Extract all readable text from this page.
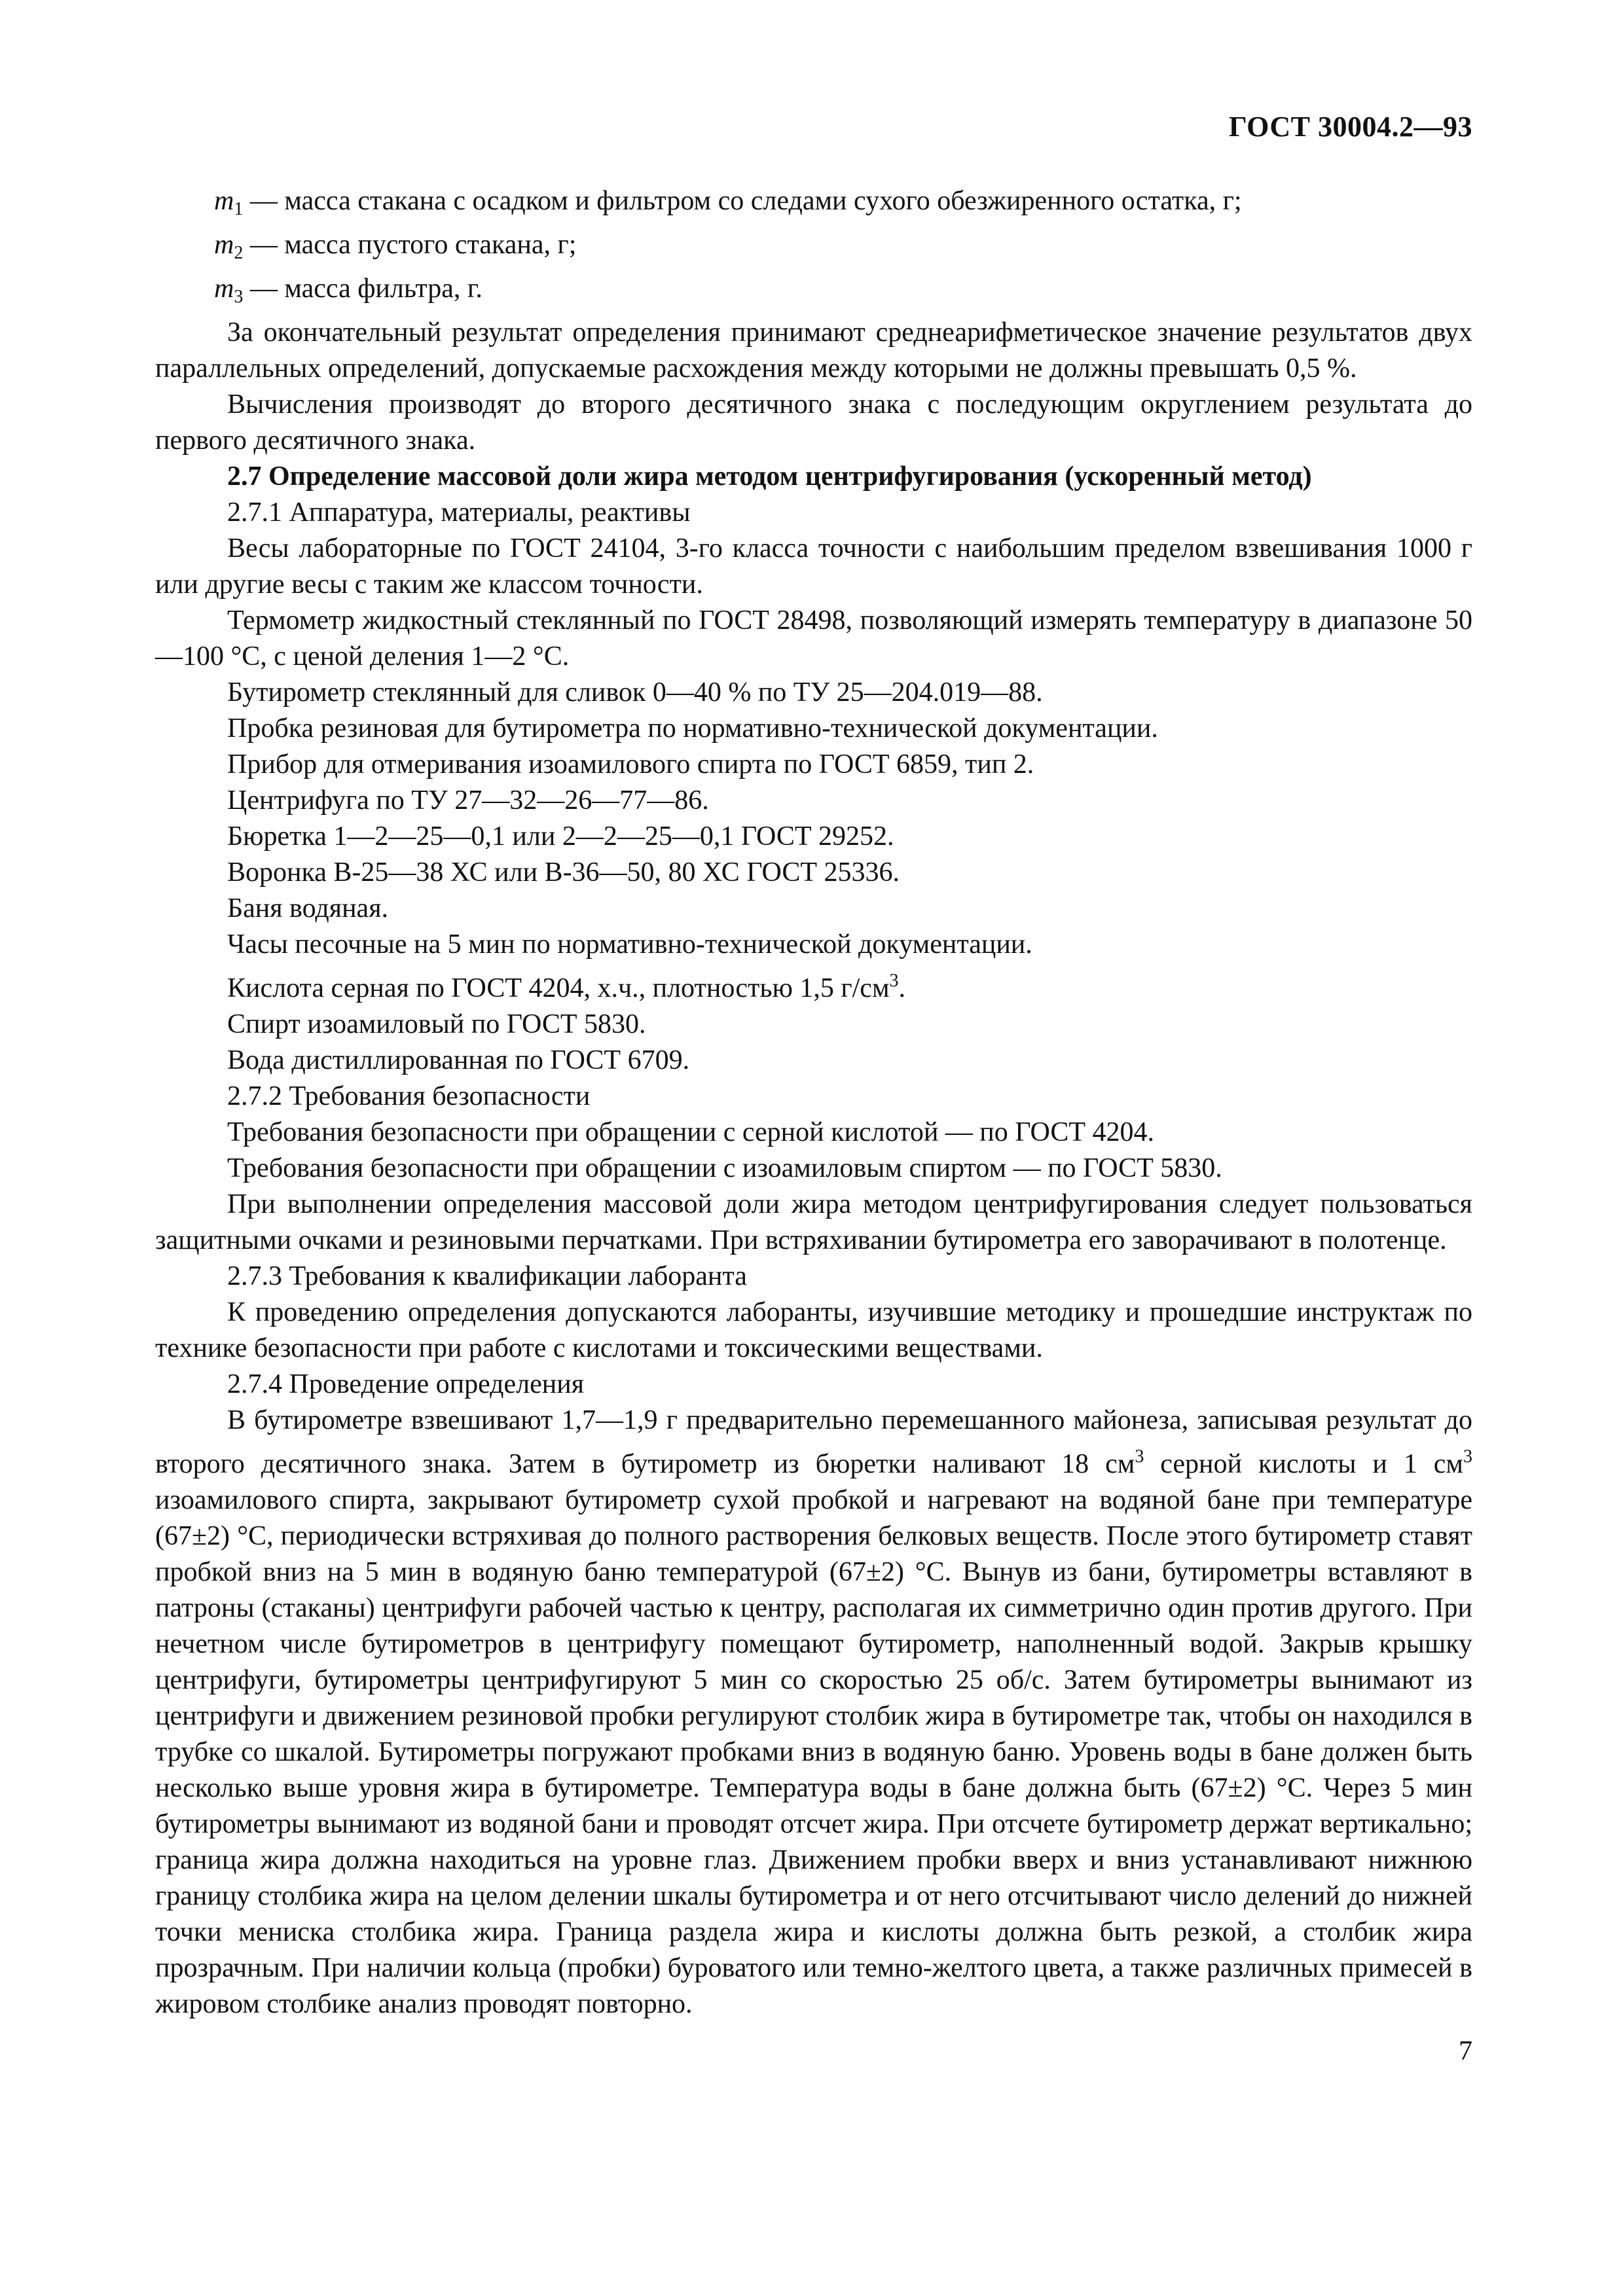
ГОСТ 30004.2—93

$m_1$ — масса стакана с осадком и фильтром со следами сухого обезжиренного остатка, г;

$m_2$ — масса пустого стакана, г;

$m_3$ — масса фильтра, г.

За окончательный результат определения принимают среднеарифметическое значение результатов двух параллельных определений, допускаемые расхождения между которыми не должны превышать 0,5 %.

Вычисления производят до второго десятичного знака с последующим округлением результата до первого десятичного знака.

2.7 Определение массовой доли жира методом центрифугирования (ускоренный метод)

2.7.1 Аппаратура, материалы, реактивы

Весы лабораторные по ГОСТ 24104, 3-го класса точности с наибольшим пределом взвешивания 1000 г или другие весы с таким же классом точности.

Термометр жидкостный стеклянный по ГОСТ 28498, позволяющий измерять температуру в диапазоне 50—100 °С, с ценой деления 1—2 °С.

Бутирометр стеклянный для сливок 0—40 % по ТУ 25—204.019—88.

Пробка резиновая для бутирометра по нормативно-технической документации.

Прибор для отмеривания изоамилового спирта по ГОСТ 6859, тип 2.

Центрифуга по ТУ 27—32—26—77—86.

Бюретка 1—2—25—0,1 или 2—2—25—0,1 ГОСТ 29252.

Воронка В-25—38 ХС или В-36—50, 80 ХС ГОСТ 25336.

Баня водяная.

Часы песочные на 5 мин по нормативно-технической документации.

Кислота серная по ГОСТ 4204, х.ч., плотностью 1,5 $г/см^3$.

Спирт изоамиловый по ГОСТ 5830.

Вода дистиллированная по ГОСТ 6709.

2.7.2 Требования безопасности

Требования безопасности при обращении с серной кислотой — по ГОСТ 4204.

Требования безопасности при обращении с изоамиловым спиртом — по ГОСТ 5830.

При выполнении определения массовой доли жира методом центрифугирования следует пользоваться защитными очками и резиновыми перчатками. При встряхивании бутирометра его заворачивают в полотенце.

2.7.3 Требования к квалификации лаборанта

К проведению определения допускаются лаборанты, изучившие методику и прошедшие инструктаж по технике безопасности при работе с кислотами и токсическими веществами.

2.7.4 Проведение определения

В бутирометре взвешивают 1,7—1,9 г предварительно перемешанного майонеза, записывая результат до второго десятичного знака. Затем в бутирометр из бюретки наливают 18 $см^3$ серной кислоты и 1 $см^3$ изоамилового спирта, закрывают бутирометр сухой пробкой и нагревают на водяной бане при температуре (67±2) °С, периодически встряхивая до полного растворения белковых веществ. После этого бутирометр ставят пробкой вниз на 5 мин в водяную баню температурой (67±2) °С. Вынув из бани, бутирометры вставляют в патроны (стаканы) центрифуги рабочей частью к центру, располагая их симметрично один против другого. При нечетном числе бутирометров в центрифугу помещают бутирометр, наполненный водой. Закрыв крышку центрифуги, бутирометры центрифугируют 5 мин со скоростью 25 об/с. Затем бутирометры вынимают из центрифуги и движением резиновой пробки регулируют столбик жира в бутирометре так, чтобы он находился в трубке со шкалой. Бутирометры погружают пробками вниз в водяную баню. Уровень воды в бане должен быть несколько выше уровня жира в бутирометре. Температура воды в бане должна быть (67±2) °С. Через 5 мин бутирометры вынимают из водяной бани и проводят отсчет жира. При отсчете бутирометр держат вертикально; граница жира должна находиться на уровне глаз. Движением пробки вверх и вниз устанавливают нижнюю границу столбика жира на целом делении шкалы бутирометра и от него отсчитывают число делений до нижней точки мениска столбика жира. Граница раздела жира и кислоты должна быть резкой, а столбик жира прозрачным. При наличии кольца (пробки) буроватого или темно-желтого цвета, а также различных примесей в жировом столбике анализ проводят повторно.

7
